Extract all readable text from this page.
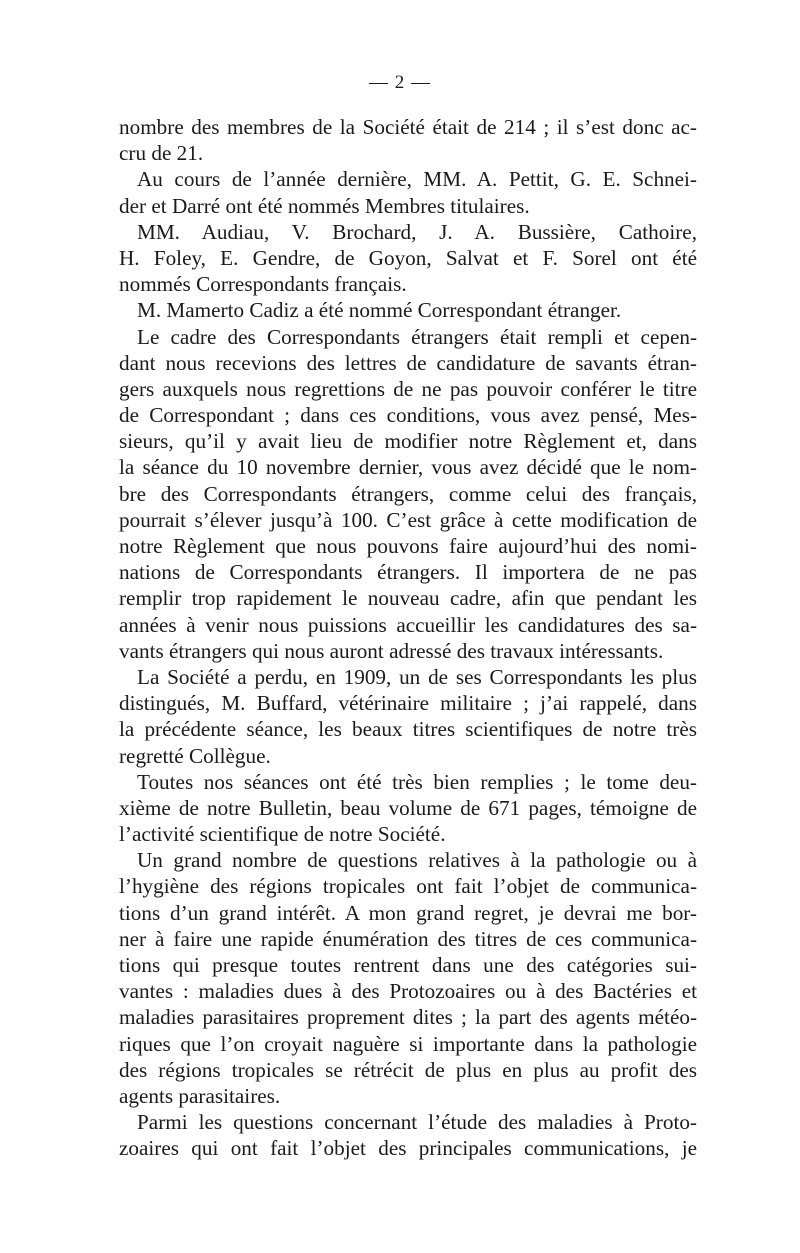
— 2 —
nombre des membres de la Société était de 214 ; il s’est donc ac-
cru de 21.
Au cours de l’année dernière, MM. A. Pettit, G. E. Schnei-
der et Darré ont été nommés Membres titulaires.
MM. Audiau, V. Brochard, J. A. Bussière, Cathoire,
H. Foley, E. Gendre, de Goyon, Salvat et F. Sorel ont été
nommés Correspondants français.
M. Mamerto Cadiz a été nommé Correspondant étranger.
Le cadre des Correspondants étrangers était rempli et cepen-
dant nous recevions des lettres de candidature de savants étran-
gers auxquels nous regrettions de ne pas pouvoir conférer le titre
de Correspondant ; dans ces conditions, vous avez pensé, Mes-
sieurs, qu’il y avait lieu de modifier notre Règlement et, dans
la séance du 10 novembre dernier, vous avez décidé que le nom-
bre des Correspondants étrangers, comme celui des français,
pourrait s’élever jusqu’à 100. C’est grâce à cette modification de
notre Règlement que nous pouvons faire aujourd’hui des nomi-
nations de Correspondants étrangers. Il importera de ne pas
remplir trop rapidement le nouveau cadre, afin que pendant les
années à venir nous puissions accueillir les candidatures des sa-
vants étrangers qui nous auront adressé des travaux intéressants.
La Société a perdu, en 1909, un de ses Correspondants les plus
distingués, M. Buffard, vétérinaire militaire ; j’ai rappelé, dans
la précédente séance, les beaux titres scientifiques de notre très
regretté Collègue.
Toutes nos séances ont été très bien remplies ; le tome deu-
xième de notre Bulletin, beau volume de 671 pages, témoigne de
l’activité scientifique de notre Société.
Un grand nombre de questions relatives à la pathologie ou à
l’hygiène des régions tropicales ont fait l’objet de communica-
tions d’un grand intérêt. A mon grand regret, je devrai me bor-
ner à faire une rapide énumération des titres de ces communica-
tions qui presque toutes rentrent dans une des catégories sui-
vantes : maladies dues à des Protozoaires ou à des Bactéries et
maladies parasitaires proprement dites ; la part des agents météo-
riques que l’on croyait naguère si importante dans la pathologie
des régions tropicales se rétrécit de plus en plus au profit des
agents parasitaires.
Parmi les questions concernant l’étude des maladies à Proto-
zoaires qui ont fait l’objet des principales communications, je
